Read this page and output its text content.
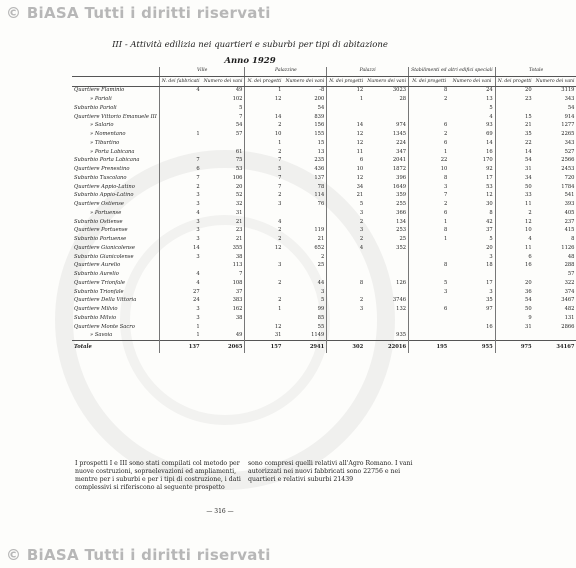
© BiASA Tutti i diritti riservati
III - Attività edilizia nei quartieri e suburbi per tipi di abitazione
Anno 1929
	Ville		Palazzine		Palazzi		Stabilimenti ed altri edifici speciali		Totale	
	N. dei fabbricati	Numero dei vani	N. dei progetti	Numero dei vani	N. dei progetti	Numero dei vani	N. dei progetti	Numero dei vani	N. dei progetti	Numero dei vani
Quartiere Flaminio	4	49	1	-8	12	3023	8	24	20	3119
» Parioli		102	12	200	1	28	2	13	23	343
Suburbio Parioli		5		54				5		54
Quartiere Vittorio Emanuele III		7	14	839				4	15	914
» Salario		54	2	156	14	974	6	93	21	1277
» Nomentano	1	57	10	155	12	1345	2	69	35	2265
» Tiburtino			1	15	12	224	6	14	22	343
» Porta Labicana		61	2	13	11	347	1	16	14	527
Suburbio Porta Labicana	7	75	7	235	6	2041	22	170	54	2566
Quartiere Prenestino	6	53	5	436	10	1872	10	92	31	2453
Suburbio Tuscolano	7	106	7	137	12	396	8	17	34	720
Quartiere Appio-Latino	2	20	7	78	34	1649	3	53	50	1784
Suburbio Appio-Latino	3	52	2	114	21	359	7	12	33	541
Quartiere Ostiense	3	32	3	76	5	255	2	30	11	393
» Portuense	4	31			3	366	6	8	2	405
Suburbio Ostiense	3	21	4		2	134	1	42	12	237
Quartiere Portuense	3	23	2	119	3	253	8	37	10	415
Suburbio Portuense	3	21	2	21	2	25	1	5	4	8
Quartiere Gianicolense	14	355	12	652	4	352		20	11	1126
Suburbio Gianicolense	3	38		2				3	6	48
Quartiere Aurelio		113	3	25			8	18	16	288
Suburbio Aurelio	4	7								57
Quartiere Trionfale	4	108	2	44	8	126	5	17	20	322
Suburbio Trionfale	27	37		3			3	3	36	374
Quartiere Della Vittoria	24	383	2	5	2	3746		35	54	3467
Quartiere Milvio	3	162	1	99	3	132	6	97	50	482
Suburbio Milvio	3	38		85					9	131
Quartiere Monte Sacro	1		12	55				16	31	2866
» Savoia	1	49	31	1149		935				
Totale	137	2065	157	2941	302	22016	195	955	975	34167
I prospetti I e III sono stati compilati col metodo per nuove costruzioni, sopraelevazioni ed ampliamenti, mentre per i suburbi e per i tipi di costruzione, i dati complessivi si riferiscono al seguente prospetto
sono compresi quelli relativi all'Agro Romano. I vani autorizzati nei nuovi fabbricati sono 22756 e nei quartieri e relativi suburbi 21439
— 316 —
© BiASA Tutti i diritti riservati
